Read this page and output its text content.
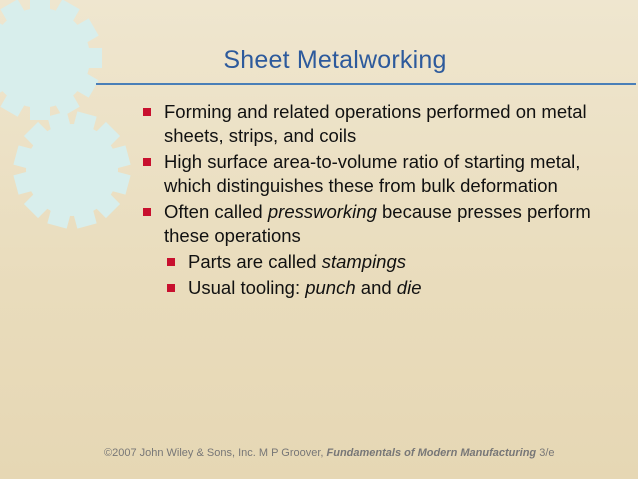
Sheet Metalworking
Forming and related operations performed on metal sheets, strips, and coils
High surface area-to-volume ratio of starting metal, which distinguishes these from bulk deformation
Often called pressworking because presses perform these operations
Parts are called stampings
Usual tooling: punch and die
©2007 John Wiley & Sons, Inc. M P Groover, Fundamentals of Modern Manufacturing 3/e
